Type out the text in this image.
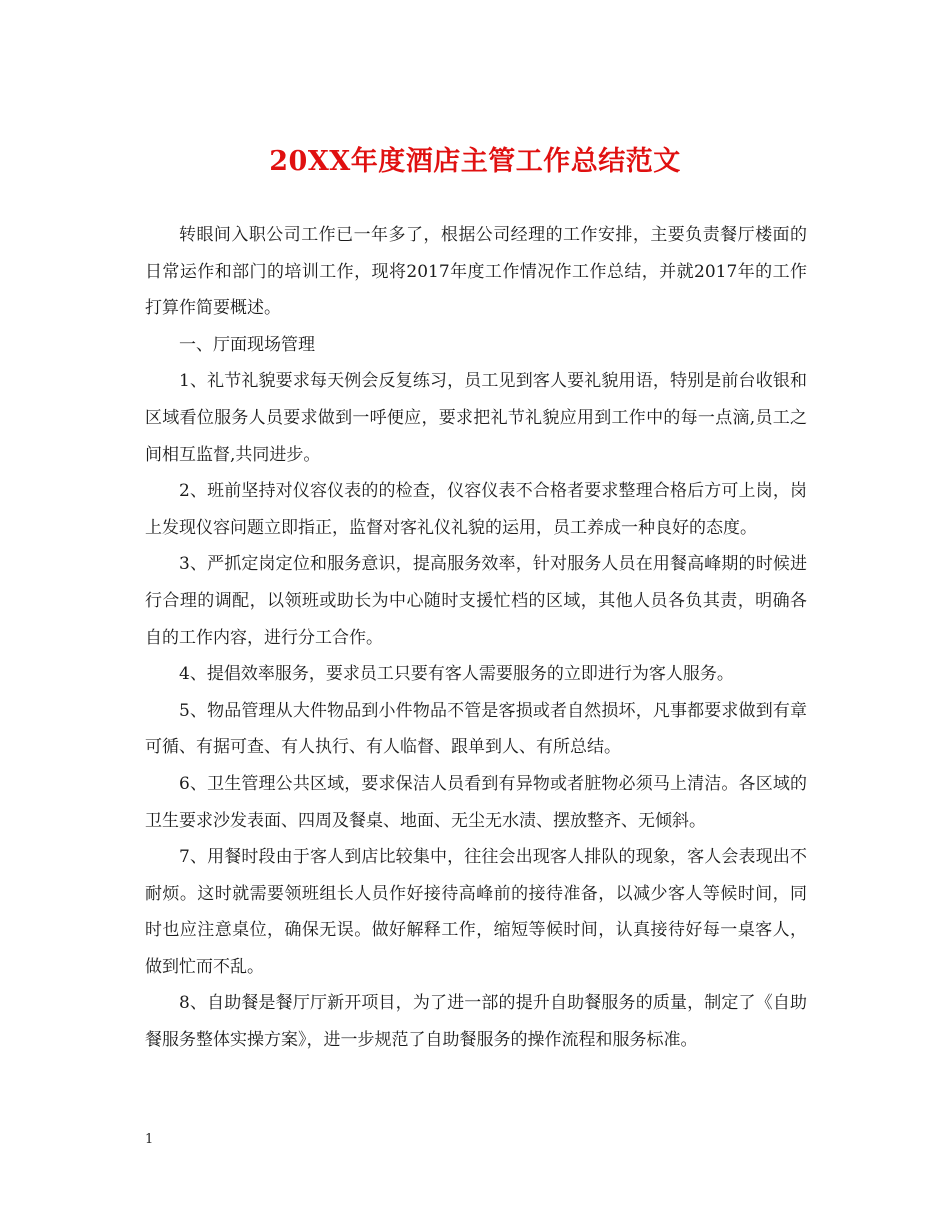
20XX年度酒店主管工作总结范文

转眼间入职公司工作已一年多了，根据公司经理的工作安排，主要负责餐厅楼面的日常运作和部门的培训工作，现将2017年度工作情况作工作总结，并就2017年的工作打算作简要概述。

一、厅面现场管理

1、礼节礼貌要求每天例会反复练习，员工见到客人要礼貌用语，特别是前台收银和区域看位服务人员要求做到一呼便应，要求把礼节礼貌应用到工作中的每一点滴,员工之间相互监督,共同进步。

2、班前坚持对仪容仪表的的检查，仪容仪表不合格者要求整理合格后方可上岗，岗上发现仪容问题立即指正，监督对客礼仪礼貌的运用，员工养成一种良好的态度。

3、严抓定岗定位和服务意识，提高服务效率，针对服务人员在用餐高峰期的时候进行合理的调配，以领班或助长为中心随时支援忙档的区域，其他人员各负其责，明确各自的工作内容，进行分工合作。

4、提倡效率服务，要求员工只要有客人需要服务的立即进行为客人服务。

5、物品管理从大件物品到小件物品不管是客损或者自然损坏，凡事都要求做到有章可循、有据可查、有人执行、有人临督、跟单到人、有所总结。

6、卫生管理公共区域，要求保洁人员看到有异物或者脏物必须马上清洁。各区域的卫生要求沙发表面、四周及餐桌、地面、无尘无水渍、摆放整齐、无倾斜。

7、用餐时段由于客人到店比较集中，往往会出现客人排队的现象，客人会表现出不耐烦。这时就需要领班组长人员作好接待高峰前的接待准备，以减少客人等候时间，同时也应注意桌位，确保无误。做好解释工作，缩短等候时间，认真接待好每一桌客人，做到忙而不乱。

8、自助餐是餐厅厅新开项目，为了进一部的提升自助餐服务的质量，制定了《自助餐服务整体实操方案》，进一步规范了自助餐服务的操作流程和服务标准。

1
